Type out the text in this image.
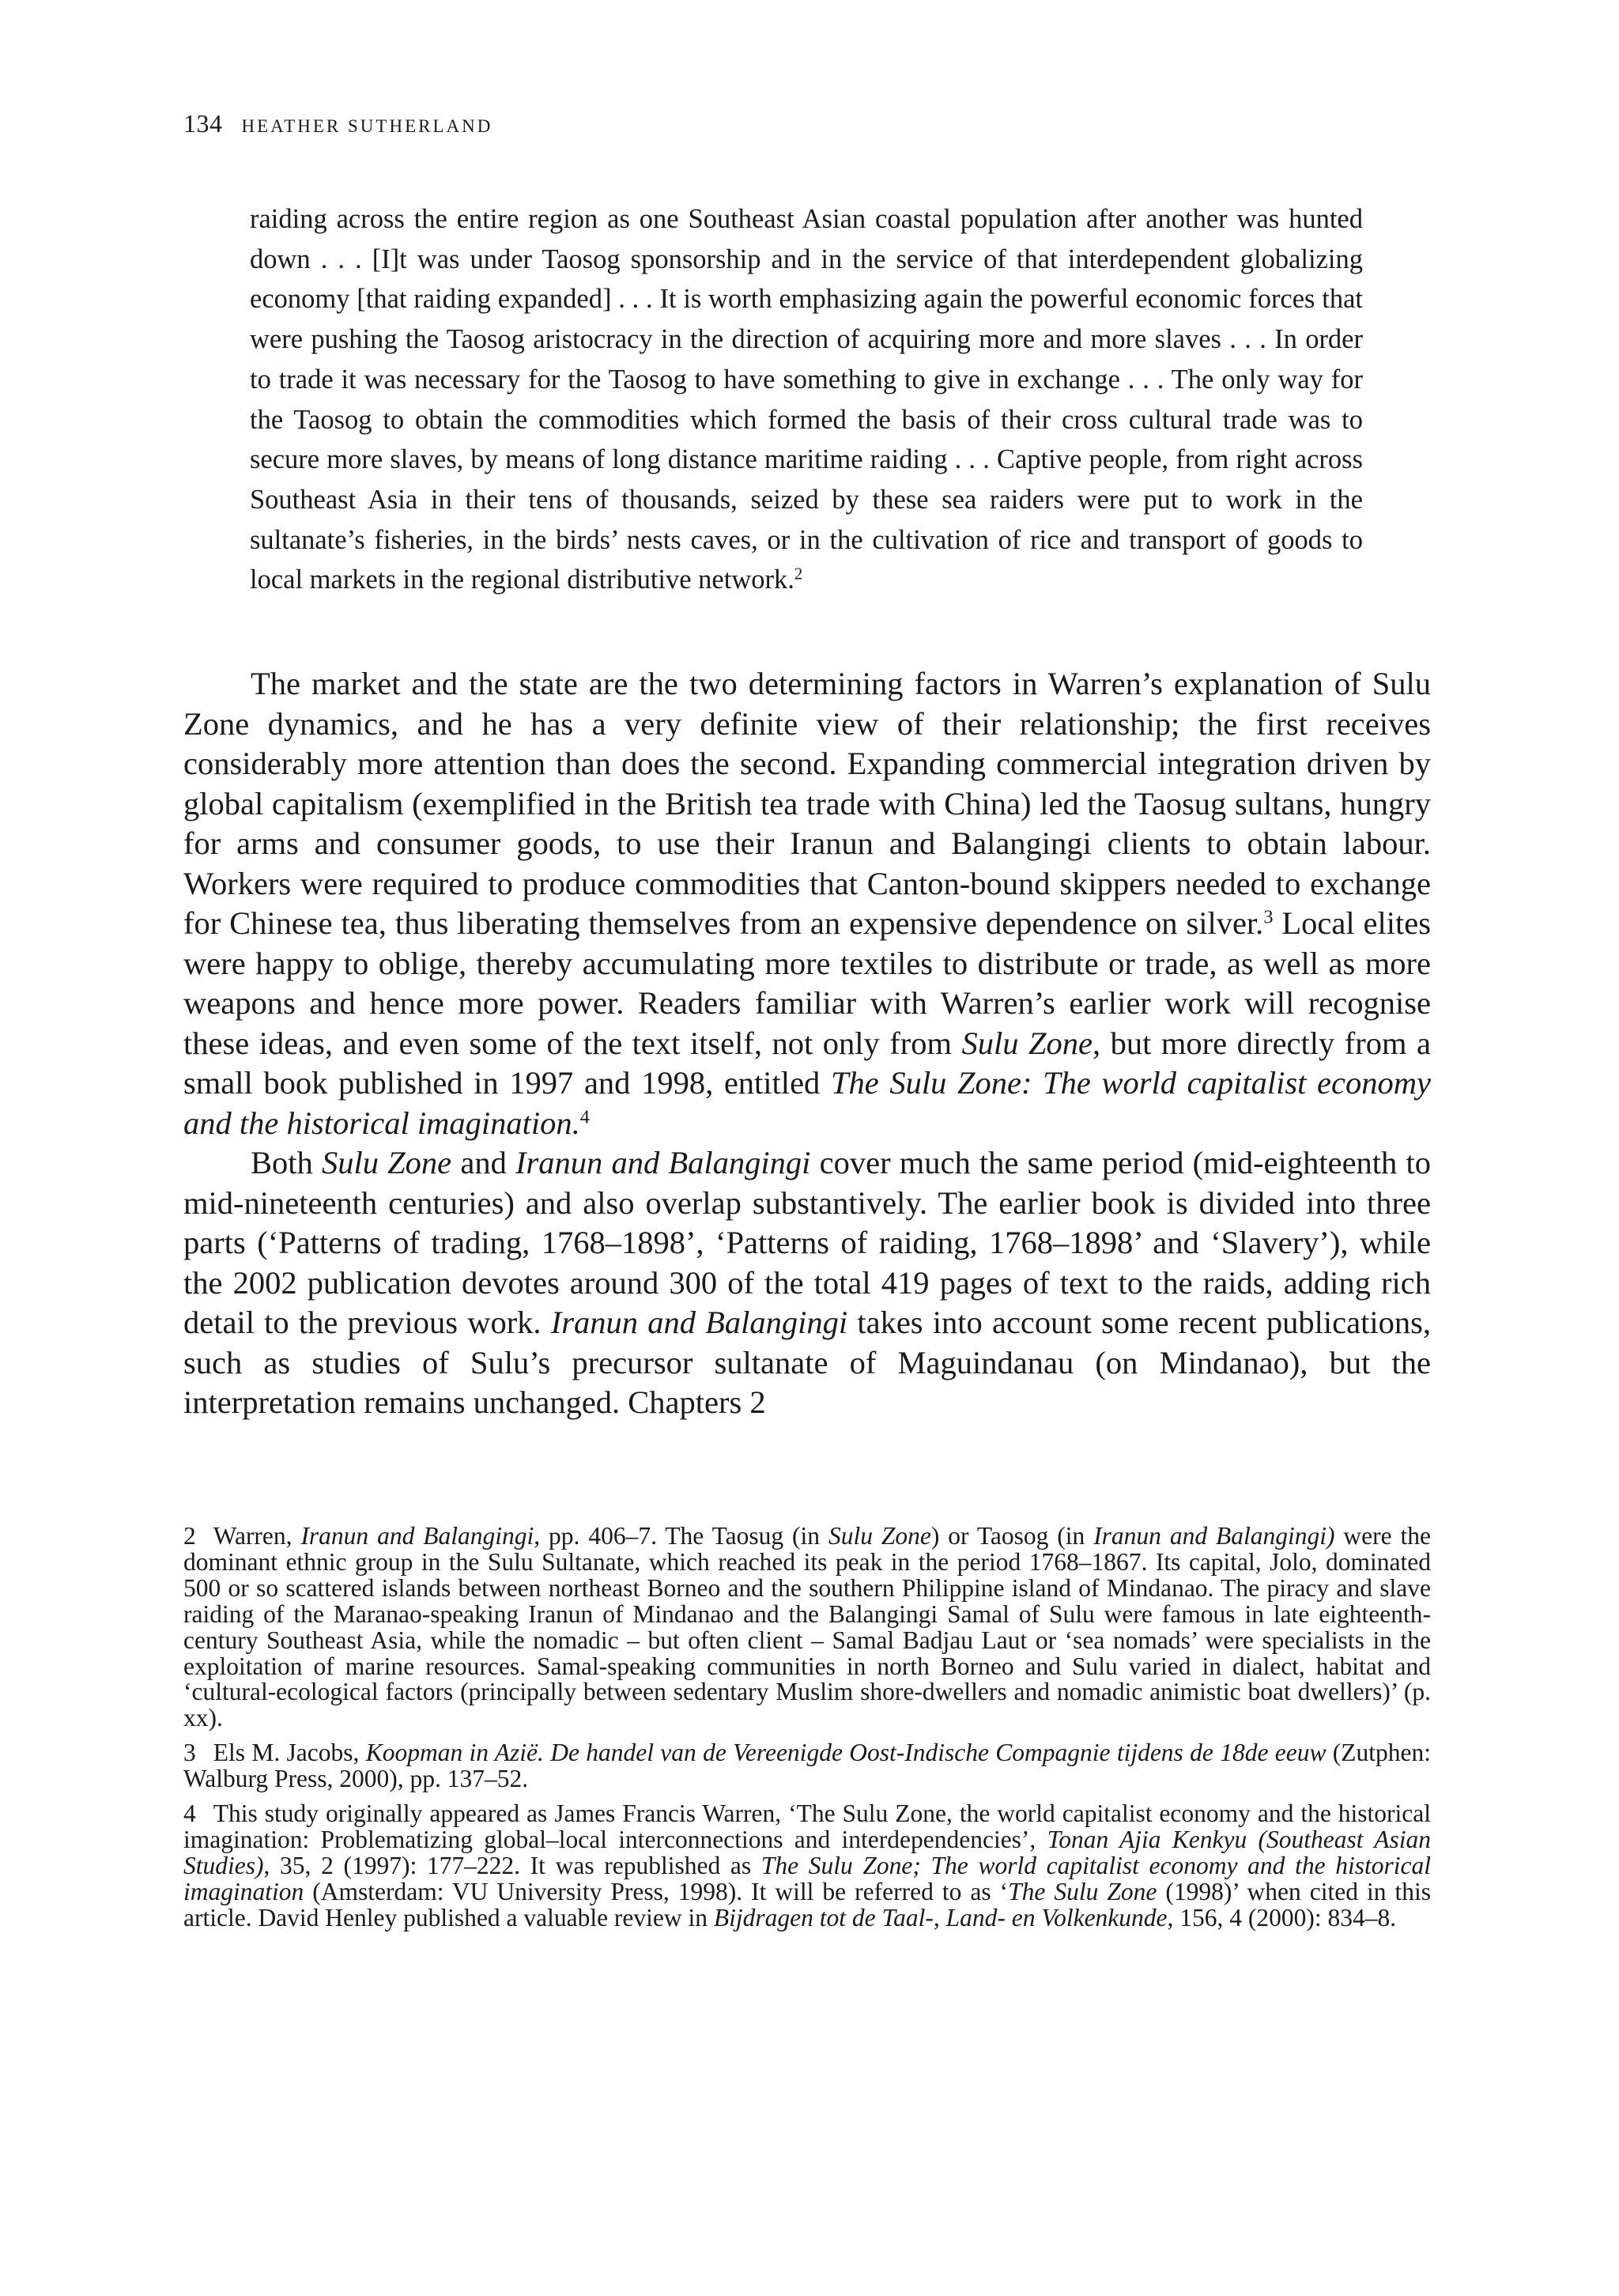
134 HEATHER SUTHERLAND

raiding across the entire region as one Southeast Asian coastal population after another was hunted down . . . [I]t was under Taosog sponsorship and in the service of that interdependent globalizing economy [that raiding expanded] . . . It is worth emphasizing again the powerful economic forces that were pushing the Taosog aristocracy in the direction of acquiring more and more slaves . . . In order to trade it was necessary for the Taosog to have something to give in exchange . . . The only way for the Taosog to obtain the commodities which formed the basis of their cross cultural trade was to secure more slaves, by means of long distance maritime raiding . . . Captive people, from right across Southeast Asia in their tens of thousands, seized by these sea raiders were put to work in the sultanate’s fisheries, in the birds’ nests caves, or in the cultivation of rice and transport of goods to local markets in the regional distributive network.$^2$

The market and the state are the two determining factors in Warren’s explanation of Sulu Zone dynamics, and he has a very definite view of their relationship; the first receives considerably more attention than does the second. Expanding commercial integration driven by global capitalism (exemplified in the British tea trade with China) led the Taosug sultans, hungry for arms and consumer goods, to use their Iranun and Balangingi clients to obtain labour. Workers were required to produce commodities that Canton-bound skippers needed to exchange for Chinese tea, thus liberating themselves from an expensive dependence on silver.$^3$ Local elites were happy to oblige, thereby accumulating more textiles to distribute or trade, as well as more weapons and hence more power. Readers familiar with Warren’s earlier work will recognise these ideas, and even some of the text itself, not only from Sulu Zone, but more directly from a small book published in 1997 and 1998, entitled The Sulu Zone: The world capitalist economy and the historical imagination.$^4$

Both Sulu Zone and Iranun and Balangingi cover much the same period (mid-eighteenth to mid-nineteenth centuries) and also overlap substantively. The earlier book is divided into three parts (‘Patterns of trading, 1768–1898’, ‘Patterns of raiding, 1768–1898’ and ‘Slavery’), while the 2002 publication devotes around 300 of the total 419 pages of text to the raids, adding rich detail to the previous work. Iranun and Balangingi takes into account some recent publications, such as studies of Sulu’s precursor sultanate of Maguindanau (on Mindanao), but the interpretation remains unchanged. Chapters 2

2 Warren, Iranun and Balangingi, pp. 406–7. The Taosug (in Sulu Zone) or Taosog (in Iranun and Balangingi) were the dominant ethnic group in the Sulu Sultanate, which reached its peak in the period 1768–1867. Its capital, Jolo, dominated 500 or so scattered islands between northeast Borneo and the southern Philippine island of Mindanao. The piracy and slave raiding of the Maranao-speaking Iranun of Mindanao and the Balangingi Samal of Sulu were famous in late eighteenth-century Southeast Asia, while the nomadic – but often client – Samal Badjau Laut or ‘sea nomads’ were specialists in the exploitation of marine resources. Samal-speaking communities in north Borneo and Sulu varied in dialect, habitat and ‘cultural-ecological factors (principally between sedentary Muslim shore-dwellers and nomadic animistic boat dwellers)’ (p. xx).

3 Els M. Jacobs, Koopman in Azië. De handel van de Vereenigde Oost-Indische Compagnie tijdens de 18de eeuw (Zutphen: Walburg Press, 2000), pp. 137–52.

4 This study originally appeared as James Francis Warren, ‘The Sulu Zone, the world capitalist economy and the historical imagination: Problematizing global–local interconnections and interdependencies’, Tonan Ajia Kenkyu (Southeast Asian Studies), 35, 2 (1997): 177–222. It was republished as The Sulu Zone; The world capitalist economy and the historical imagination (Amsterdam: VU University Press, 1998). It will be referred to as ‘The Sulu Zone (1998)’ when cited in this article. David Henley published a valuable review in Bijdragen tot de Taal-, Land- en Volkenkunde, 156, 4 (2000): 834–8.
